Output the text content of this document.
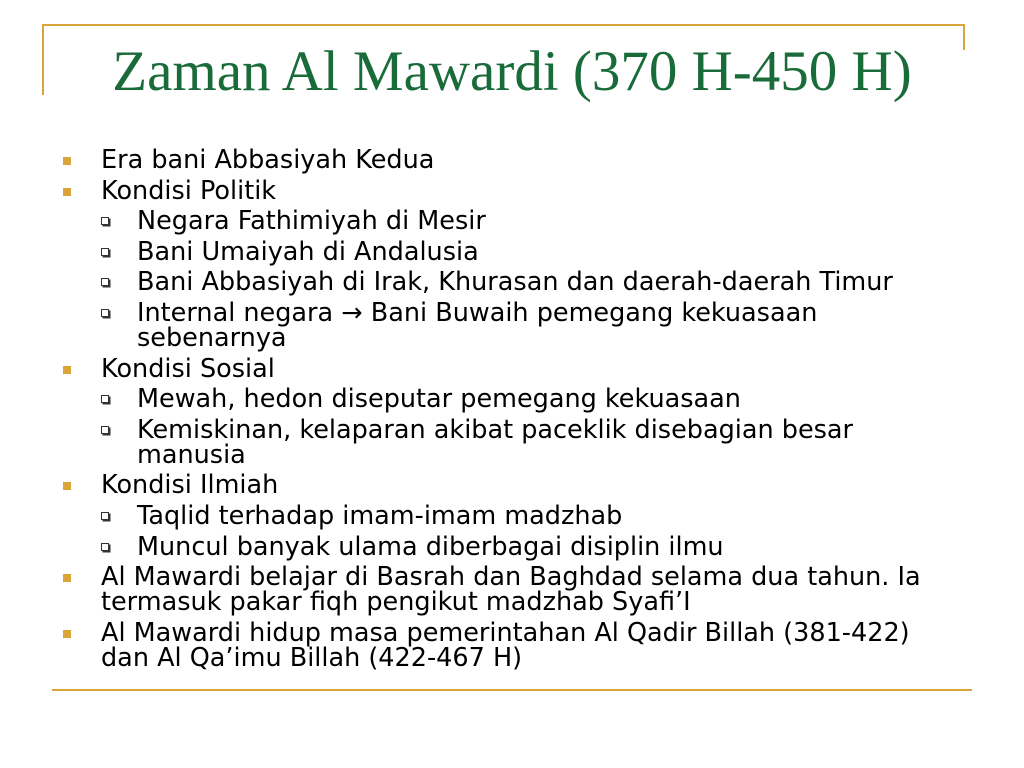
Zaman Al Mawardi (370 H-450 H)
Era bani Abbasiyah Kedua
Kondisi Politik
Negara Fathimiyah di Mesir
Bani Umaiyah di Andalusia
Bani Abbasiyah di Irak, Khurasan dan daerah-daerah Timur
Internal negara → Bani Buwaih pemegang kekuasaan
sebenarnya
Kondisi Sosial
Mewah, hedon diseputar pemegang kekuasaan
Kemiskinan, kelaparan akibat paceklik disebagian besar
manusia
Kondisi Ilmiah
Taqlid terhadap imam-imam madzhab
Muncul banyak ulama diberbagai disiplin ilmu
Al Mawardi belajar di Basrah dan Baghdad selama dua tahun. Ia
termasuk pakar fiqh pengikut madzhab Syafi’I
Al Mawardi hidup masa pemerintahan Al Qadir Billah (381-422)
dan Al Qa’imu Billah (422-467 H)
